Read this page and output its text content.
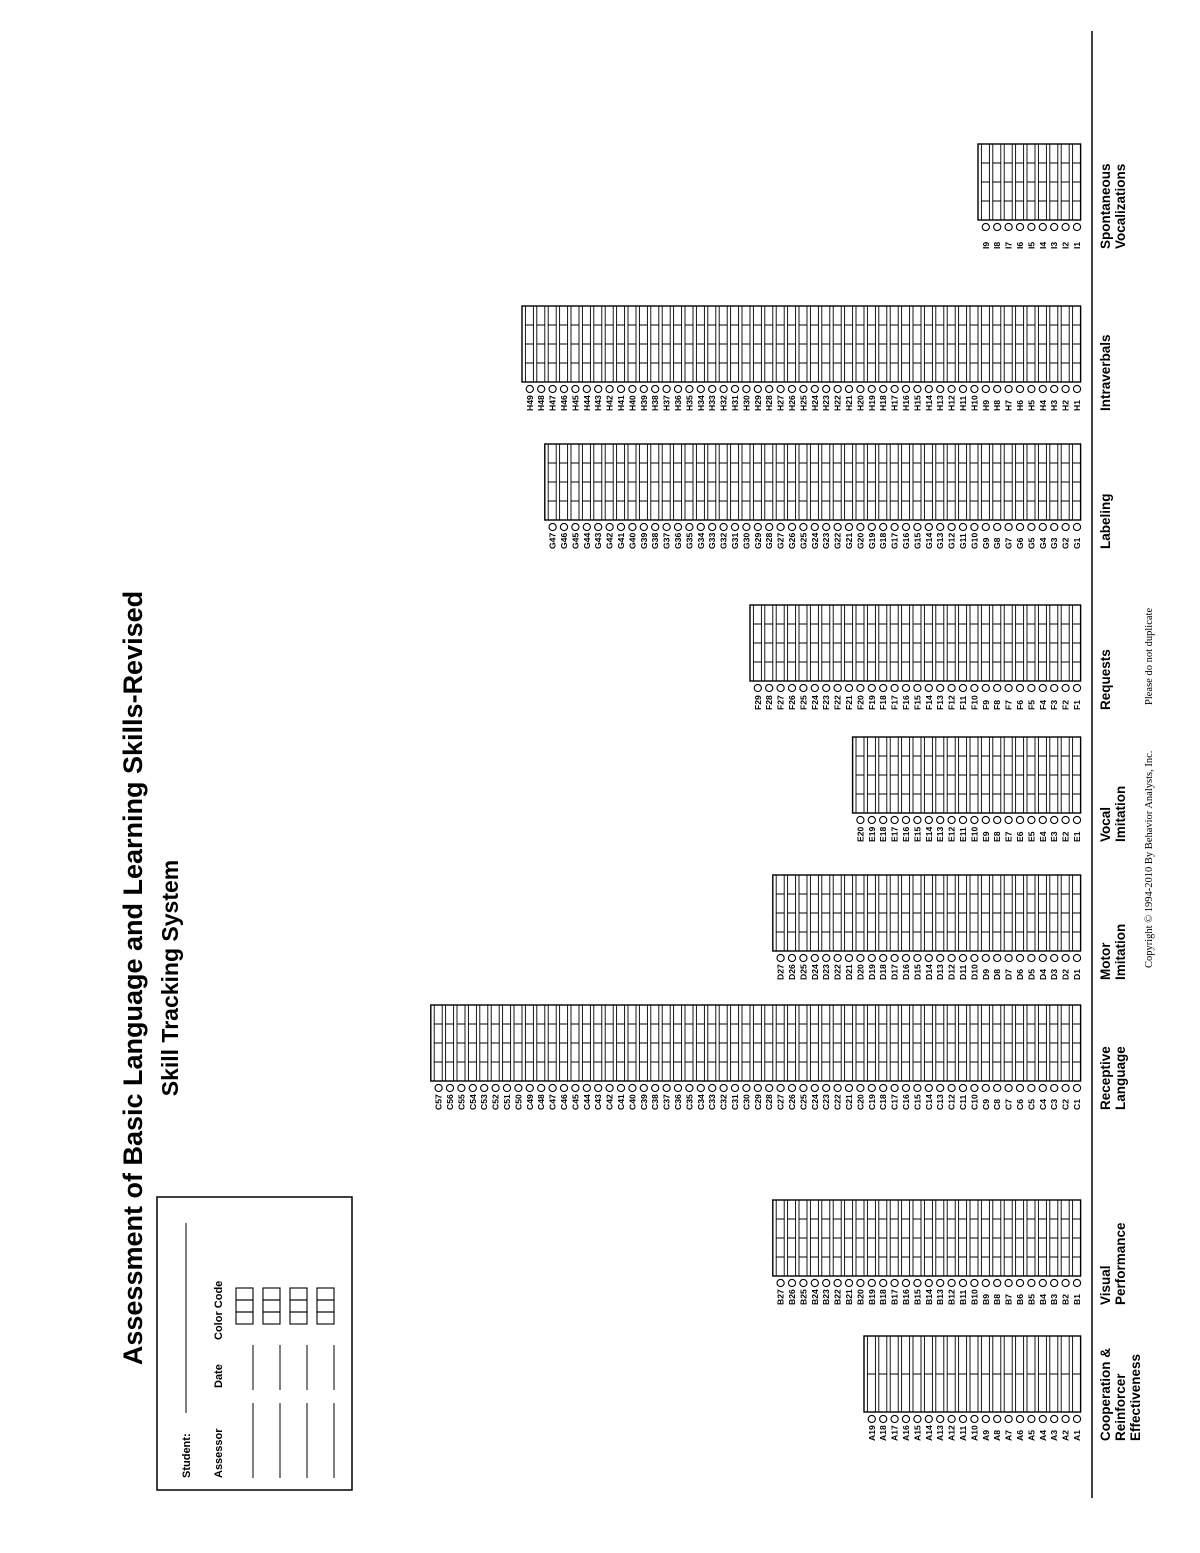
Assessment of Basic Language and Learning Skills-Revised Skill Tracking System
Student: Assessor
Date
Color Code
A1
A2
A3
A4
A5
A6
A7
A8
A9
A10
A11
A12
A13
A14
A15
A16
A17
A18
A19
B1
B2
B3
B4
B5
B6
B7
B8
B9
B10
B11
B12
B13
B14
B15
B16
B17
B18
B19
B20
B21
B22
B23
B24
B25
B26
B27
C1
C2
C3
C4
C5
C6
C7
C8
C9
C10
C11
C12
C13
C14
C15
C16
C17
C18
C19
C20
C21
C22
C23
C24
C25
C26
C27
C28
C29
C30
C31
C32
C33
C34
C35
C36
C37
C38
C39
C40
C41
C42
C43
C44
C45
C46
C47
C48
C49
C50
C51
C52
C53
C54
C55
C56
C57
D1
D2
D3
D4
D5
D6
D7
D8
D9
D10
D11
D12
D13
D14
D15
D16
D17
D18
D19
D20
D21
D22
D23
D24
D25
D26
D27
E1
E2
E3
E4
E5
E6
E7
E8
E9
E10
E11
E12
E13
E14
E15
E16
E17
E18
E19
E20
F1
F2
F3
F4
F5
F6
F7
F8
F9
F10
F11
F12
F13
F14
F15
F16
F17
F18
F19
F20
F21
F22
F23
F24
F25
F26
F27
F28
F29
G1
G2
G3
G4
G5
G6
G7
G8
G9
G10
G11
G12
G13
G14
G15
G16
G17
G18
G19
G20
G21
G22
G23
G24
G25
G26
G27
G28
G29
G30
G31
G32
G33
G34
G35
G36
G37
G38
G39
G40
G41
G42
G43
G44
G45
G46
G47
H1
H2
H3
H4
H5
H6
H7
H8
H9
H10
H11
H12
H13
H14
H15
H16
H17
H18
H19
H20
H21
H22
H23
H24
H25
H26
H27
H28
H29
H30
H31
H32
H33
H34
H35
H36
H37
H38
H39
H40
H41
H42
H43
H44
H45
H46
H47
H48
H49
I1
I2
I3
I4
I5
I6
I7
I8
I9
Cooperation &ReinforcerEffectiveness
VisualPerformance
ReceptiveLanguage
MotorImitation
VocalImitation
Requests
Labeling
Intraverbals
SpontaneousVocalizations
Copyright © 1994-2010 By Behavior Analysts, Inc.
Please do not duplicate
